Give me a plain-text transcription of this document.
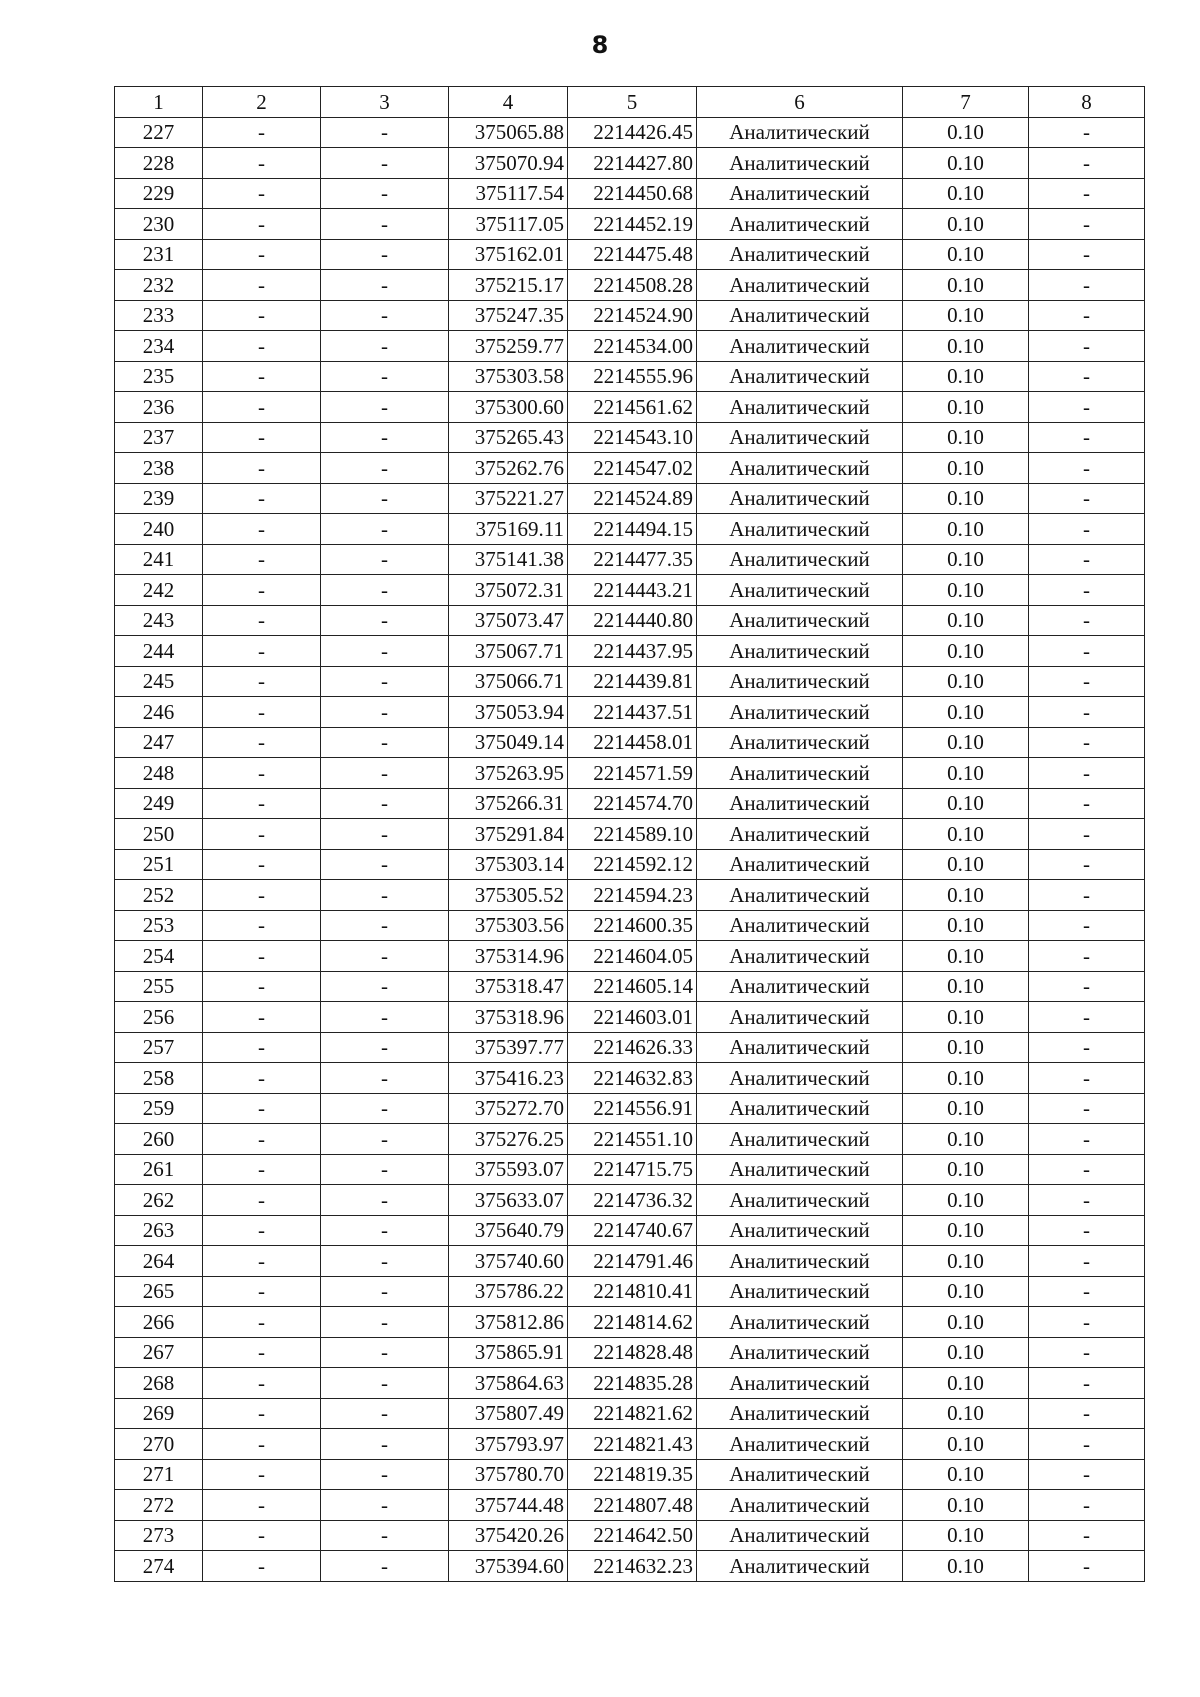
8
1	2	3	4	5	6	7	8
227	-	-	375065.88	2214426.45	Аналитический	0.10	-
228	-	-	375070.94	2214427.80	Аналитический	0.10	-
229	-	-	375117.54	2214450.68	Аналитический	0.10	-
230	-	-	375117.05	2214452.19	Аналитический	0.10	-
231	-	-	375162.01	2214475.48	Аналитический	0.10	-
232	-	-	375215.17	2214508.28	Аналитический	0.10	-
233	-	-	375247.35	2214524.90	Аналитический	0.10	-
234	-	-	375259.77	2214534.00	Аналитический	0.10	-
235	-	-	375303.58	2214555.96	Аналитический	0.10	-
236	-	-	375300.60	2214561.62	Аналитический	0.10	-
237	-	-	375265.43	2214543.10	Аналитический	0.10	-
238	-	-	375262.76	2214547.02	Аналитический	0.10	-
239	-	-	375221.27	2214524.89	Аналитический	0.10	-
240	-	-	375169.11	2214494.15	Аналитический	0.10	-
241	-	-	375141.38	2214477.35	Аналитический	0.10	-
242	-	-	375072.31	2214443.21	Аналитический	0.10	-
243	-	-	375073.47	2214440.80	Аналитический	0.10	-
244	-	-	375067.71	2214437.95	Аналитический	0.10	-
245	-	-	375066.71	2214439.81	Аналитический	0.10	-
246	-	-	375053.94	2214437.51	Аналитический	0.10	-
247	-	-	375049.14	2214458.01	Аналитический	0.10	-
248	-	-	375263.95	2214571.59	Аналитический	0.10	-
249	-	-	375266.31	2214574.70	Аналитический	0.10	-
250	-	-	375291.84	2214589.10	Аналитический	0.10	-
251	-	-	375303.14	2214592.12	Аналитический	0.10	-
252	-	-	375305.52	2214594.23	Аналитический	0.10	-
253	-	-	375303.56	2214600.35	Аналитический	0.10	-
254	-	-	375314.96	2214604.05	Аналитический	0.10	-
255	-	-	375318.47	2214605.14	Аналитический	0.10	-
256	-	-	375318.96	2214603.01	Аналитический	0.10	-
257	-	-	375397.77	2214626.33	Аналитический	0.10	-
258	-	-	375416.23	2214632.83	Аналитический	0.10	-
259	-	-	375272.70	2214556.91	Аналитический	0.10	-
260	-	-	375276.25	2214551.10	Аналитический	0.10	-
261	-	-	375593.07	2214715.75	Аналитический	0.10	-
262	-	-	375633.07	2214736.32	Аналитический	0.10	-
263	-	-	375640.79	2214740.67	Аналитический	0.10	-
264	-	-	375740.60	2214791.46	Аналитический	0.10	-
265	-	-	375786.22	2214810.41	Аналитический	0.10	-
266	-	-	375812.86	2214814.62	Аналитический	0.10	-
267	-	-	375865.91	2214828.48	Аналитический	0.10	-
268	-	-	375864.63	2214835.28	Аналитический	0.10	-
269	-	-	375807.49	2214821.62	Аналитический	0.10	-
270	-	-	375793.97	2214821.43	Аналитический	0.10	-
271	-	-	375780.70	2214819.35	Аналитический	0.10	-
272	-	-	375744.48	2214807.48	Аналитический	0.10	-
273	-	-	375420.26	2214642.50	Аналитический	0.10	-
274	-	-	375394.60	2214632.23	Аналитический	0.10	-
